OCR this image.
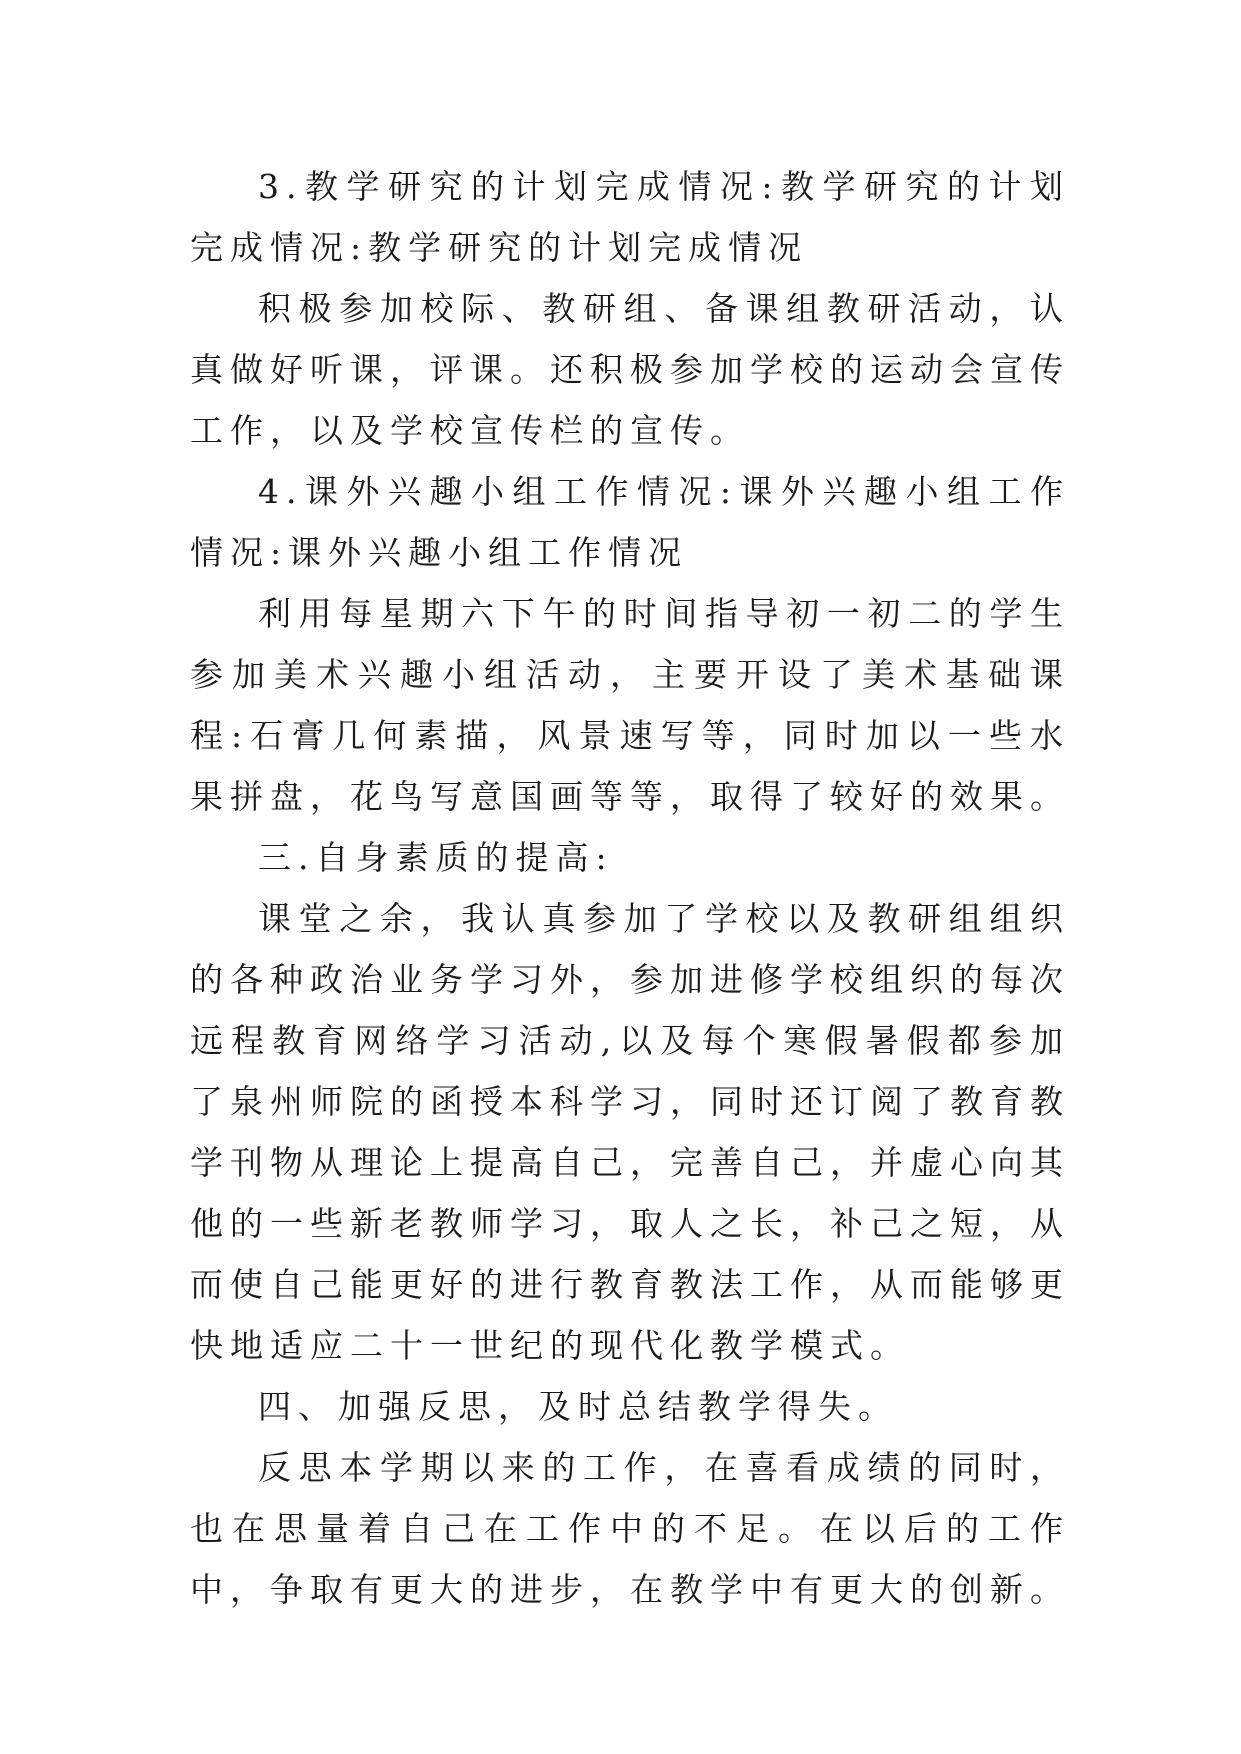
3.教学研究的计划完成情况:教学研究的计划完成情况:教学研究的计划完成情况

积极参加校际、教研组、备课组教研活动，认真做好听课，评课。还积极参加学校的运动会宣传工作，以及学校宣传栏的宣传。

4.课外兴趣小组工作情况:课外兴趣小组工作情况:课外兴趣小组工作情况

利用每星期六下午的时间指导初一初二的学生参加美术兴趣小组活动，主要开设了美术基础课程:石膏几何素描，风景速写等，同时加以一些水果拼盘，花鸟写意国画等等，取得了较好的效果。

三.自身素质的提高:

课堂之余，我认真参加了学校以及教研组组织的各种政治业务学习外，参加进修学校组织的每次远程教育网络学习活动,以及每个寒假暑假都参加了泉州师院的函授本科学习，同时还订阅了教育教学刊物从理论上提高自己，完善自己，并虚心向其他的一些新老教师学习，取人之长，补己之短，从而使自己能更好的进行教育教法工作，从而能够更快地适应二十一世纪的现代化教学模式。

四、加强反思，及时总结教学得失。

反思本学期以来的工作，在喜看成绩的同时，也在思量着自己在工作中的不足。在以后的工作中，争取有更大的进步，在教学中有更大的创新。
